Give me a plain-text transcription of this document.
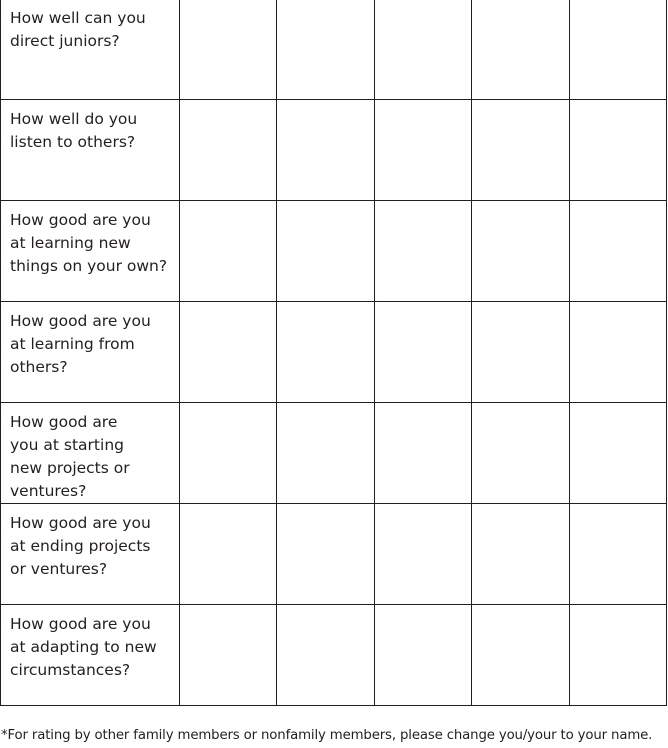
How well can you
direct juniors?					

How well do you
listen to others?					

How good are you
at learning new
things on your own?					

How good are you
at learning from
others?					

How good are
you at starting
new projects or
ventures?					

How good are you
at ending projects
or ventures?					

How good are you
at adapting to new
circumstances?					

*For rating by other family members or nonfamily members, please change you/your to your name.
